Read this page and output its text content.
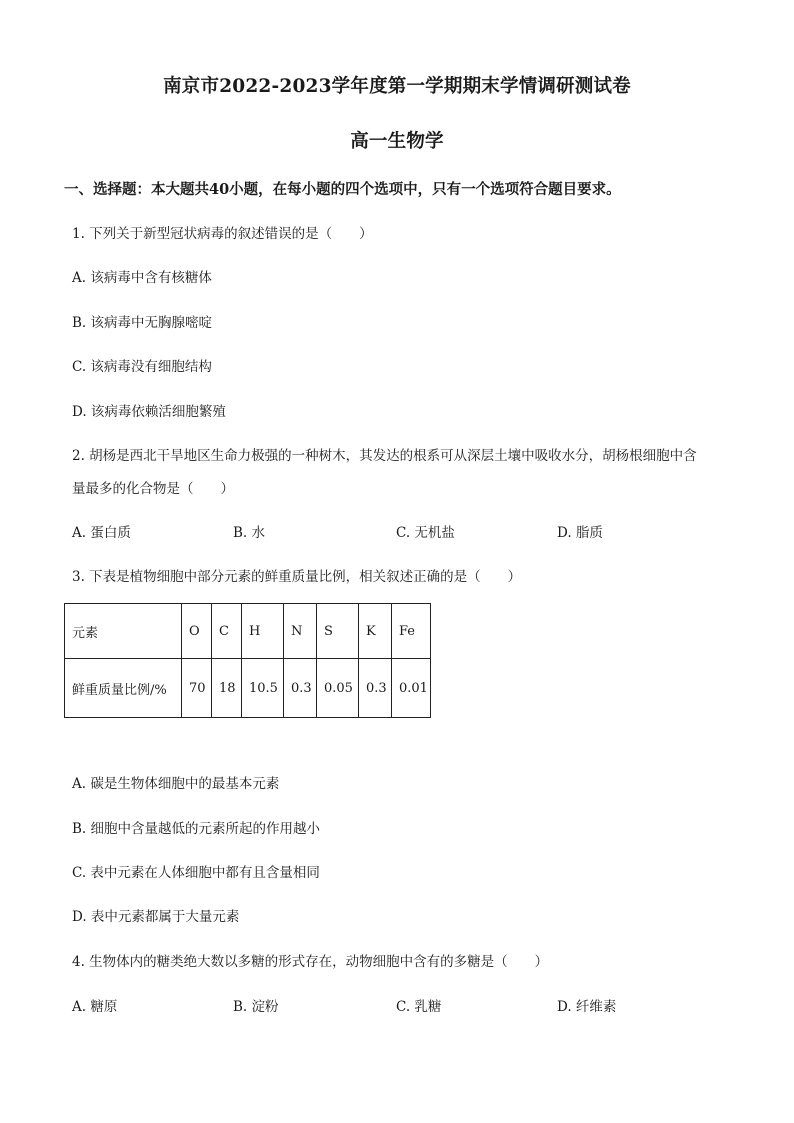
南京市2022-2023学年度第一学期期末学情调研测试卷
高一生物学
一、选择题：本大题共40小题，在每小题的四个选项中，只有一个选项符合题目要求。
1. 下列关于新型冠状病毒的叙述错误的是（　　）
A. 该病毒中含有核糖体
B. 该病毒中无胸腺嘧啶
C. 该病毒没有细胞结构
D. 该病毒依赖活细胞繁殖
2. 胡杨是西北干旱地区生命力极强的一种树木，其发达的根系可从深层土壤中吸收水分，胡杨根细胞中含
量最多的化合物是（　　）
A. 蛋白质	B. 水	C. 无机盐	D. 脂质
3. 下表是植物细胞中部分元素的鲜重质量比例，相关叙述正确的是（　　）
元素	O	C	H	N	S	K	Fe
鲜重质量比例/%	70	18	10.5	0.3	0.05	0.3	0.01
A. 碳是生物体细胞中的最基本元素
B. 细胞中含量越低的元素所起的作用越小
C. 表中元素在人体细胞中都有且含量相同
D. 表中元素都属于大量元素
4. 生物体内的糖类绝大数以多糖的形式存在，动物细胞中含有的多糖是（　　）
A. 糖原	B. 淀粉	C. 乳糖	D. 纤维素
